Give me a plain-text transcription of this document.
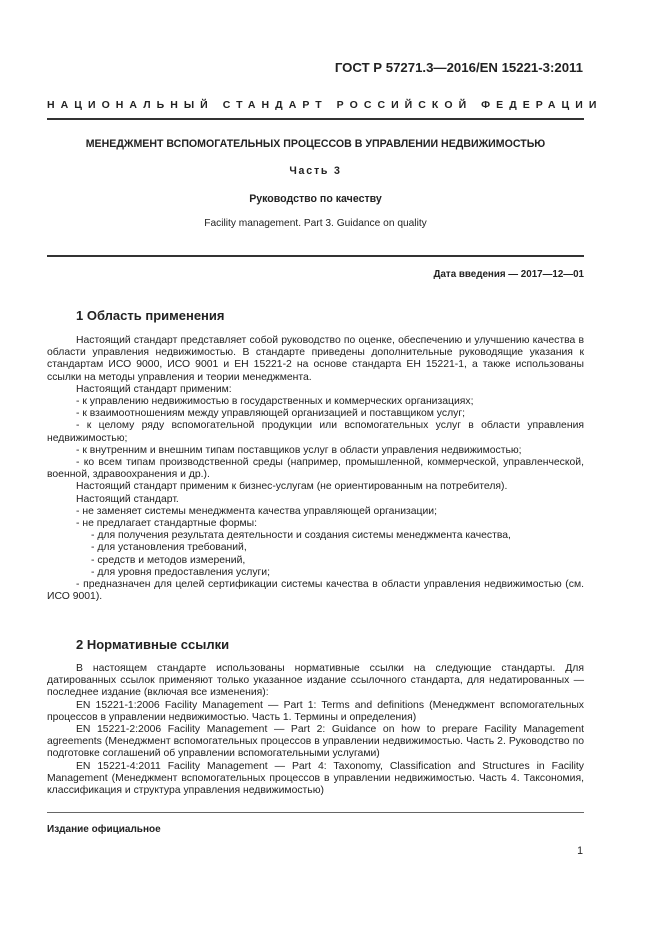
ГОСТ Р 57271.3—2016/EN 15221-3:2011
НАЦИОНАЛЬНЫЙ СТАНДАРТ РОССИЙСКОЙ ФЕДЕРАЦИИ
МЕНЕДЖМЕНТ ВСПОМОГАТЕЛЬНЫХ ПРОЦЕССОВ В УПРАВЛЕНИИ НЕДВИЖИМОСТЬЮ
Часть 3
Руководство по качеству
Facility management. Part 3. Guidance on quality
Дата введения — 2017—12—01
1 Область применения

Настоящий стандарт представляет собой руководство по оценке, обеспечению и улучшению качества в области управления недвижимостью. В стандарте приведены дополнительные руководящие указания к стандартам ИСО 9000, ИСО 9001 и ЕН 15221-2 на основе стандарта ЕН 15221-1, а также использованы ссылки на методы управления и теории менеджмента.

Настоящий стандарт применим:

- к управлению недвижимостью в государственных и коммерческих организациях;

- к взаимоотношениям между управляющей организацией и поставщиком услуг;

- к целому ряду вспомогательной продукции или вспомогательных услуг в области управления недвижимостью;

- к внутренним и внешним типам поставщиков услуг в области управления недвижимостью;

- ко всем типам производственной среды (например, промышленной, коммерческой, управленческой, военной, здравоохранения и др.).

Настоящий стандарт применим к бизнес-услугам (не ориентированным на потребителя).

Настоящий стандарт.

- не заменяет системы менеджмента качества управляющей организации;

- не предлагает стандартные формы:

- для получения результата деятельности и создания системы менеджмента качества,

- для установления требований,

- средств и методов измерений,

- для уровня предоставления услуги;

- предназначен для целей сертификации системы качества в области управления недвижимостью (см. ИСО 9001).

2 Нормативные ссылки

В настоящем стандарте использованы нормативные ссылки на следующие стандарты. Для датированных ссылок применяют только указанное издание ссылочного стандарта, для недатированных — последнее издание (включая все изменения):

EN 15221-1:2006 Facility Management — Part 1: Terms and definitions (Менеджмент вспомогательных процессов в управлении недвижимостью. Часть 1. Термины и определения)

EN 15221-2:2006 Facility Management — Part 2: Guidance on how to prepare Facility Management agreements (Менеджмент вспомогательных процессов в управлении недвижимостью. Часть 2. Руководство по подготовке соглашений об управлении вспомогательными услугами)

EN 15221-4:2011 Facility Management — Part 4: Taxonomy, Classification and Structures in Facility Management (Менеджмент вспомогательных процессов в управлении недвижимостью. Часть 4. Таксономия, классификация и структура управления недвижимостью)

Издание официальное
1
